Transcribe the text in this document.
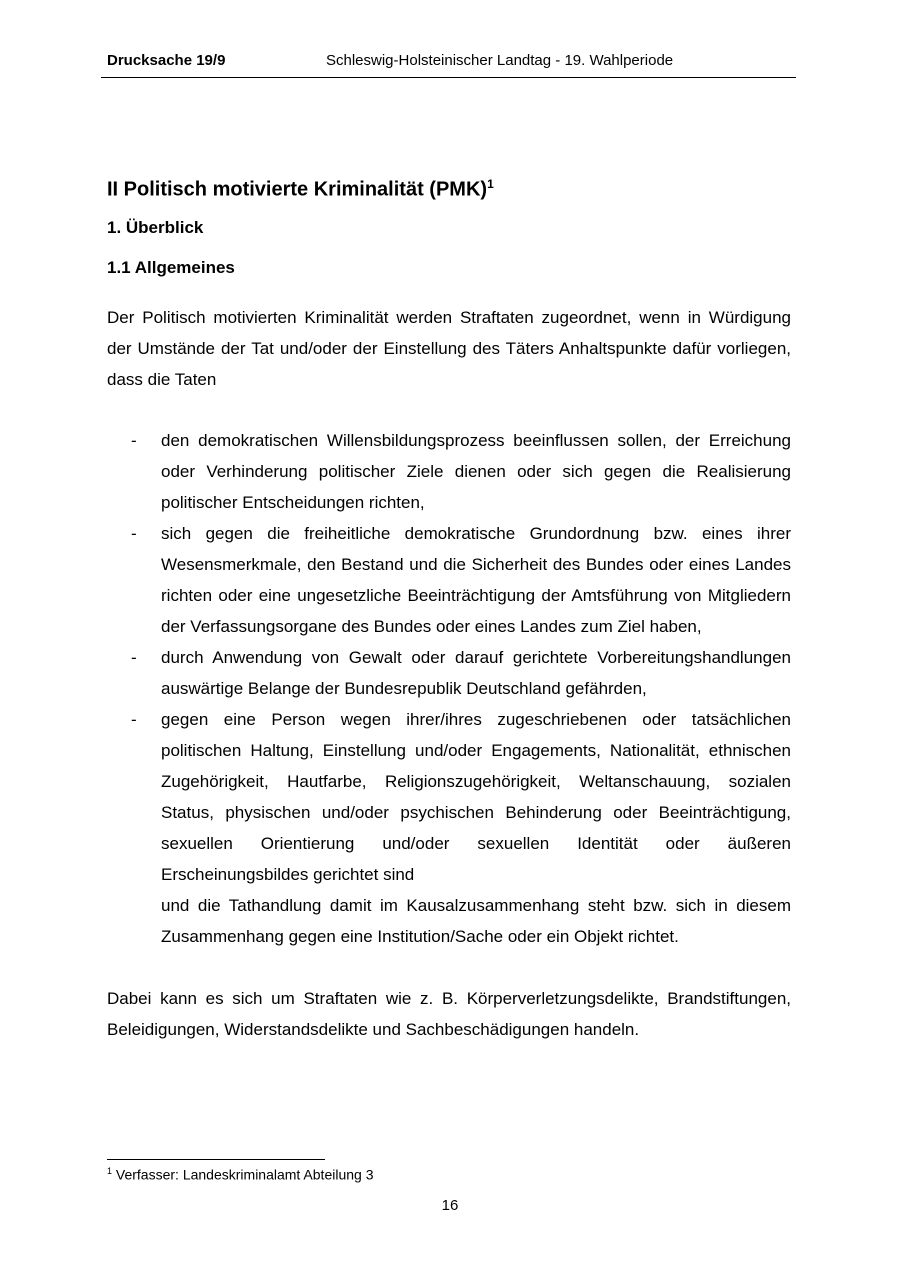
Drucksache 19/9	Schleswig-Holsteinischer Landtag - 19. Wahlperiode
II Politisch motivierte Kriminalität (PMK)$^1$
1. Überblick
1.1 Allgemeines

Der Politisch motivierten Kriminalität werden Straftaten zugeordnet, wenn in Würdigung der Umstände der Tat und/oder der Einstellung des Täters Anhaltspunkte dafür vorliegen, dass die Taten

- den demokratischen Willensbildungsprozess beeinflussen sollen, der Erreichung oder Verhinderung politischer Ziele dienen oder sich gegen die Realisierung politischer Entscheidungen richten,
- sich gegen die freiheitliche demokratische Grundordnung bzw. eines ihrer Wesensmerkmale, den Bestand und die Sicherheit des Bundes oder eines Landes richten oder eine ungesetzliche Beeinträchtigung der Amtsführung von Mitgliedern der Verfassungsorgane des Bundes oder eines Landes zum Ziel haben,
- durch Anwendung von Gewalt oder darauf gerichtete Vorbereitungshandlungen auswärtige Belange der Bundesrepublik Deutschland gefährden,
- gegen eine Person wegen ihrer/ihres zugeschriebenen oder tatsächlichen politischen Haltung, Einstellung und/oder Engagements, Nationalität, ethnischen Zugehörigkeit, Hautfarbe, Religionszugehörigkeit, Weltanschauung, sozialen Status, physischen und/oder psychischen Behinderung oder Beeinträchtigung, sexuellen Orientierung und/oder sexuellen Identität oder äußeren Erscheinungsbildes gerichtet sind

und die Tathandlung damit im Kausalzusammenhang steht bzw. sich in diesem Zusammenhang gegen eine Institution/Sache oder ein Objekt richtet.

Dabei kann es sich um Straftaten wie z. B. Körperverletzungsdelikte, Brandstiftungen, Beleidigungen, Widerstandsdelikte und Sachbeschädigungen handeln.

$^1$ Verfasser: Landeskriminalamt Abteilung 3
16
